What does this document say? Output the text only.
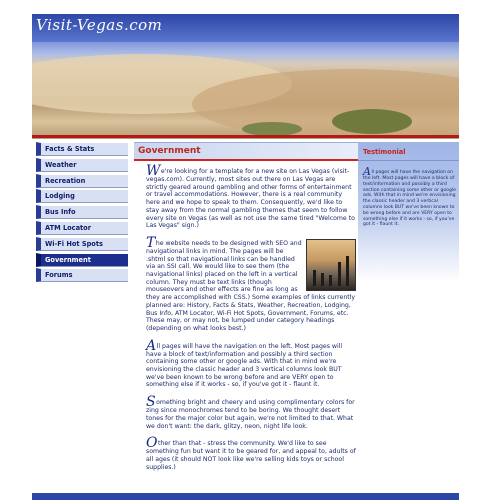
Visit-Vegas.com
Facts & Stats
Weather
Recreation
Lodging
Bus Info
ATM Locator
Wi-Fi Hot Spots
Government
Forums
Government

We're looking for a template for a new site on Las Vegas (visit-vegas.com). Currently, most sites out there on Las Vegas are strictly geared around gambling and other forms of entertainment or travel accommodations. However, there is a real community here and we hope to speak to them. Consequently, we'd like to stay away from the normal gambling themes that seem to follow every site on Vegas (as well as not use the same tired "Welcome to Las Vegas" sign.)

The website needs to be designed with SEO and navigational links in mind. The pages will be .shtml so that navigational links can be handled via an SSI call. We would like to see them (the navigational links) placed on the left in a vertical column. They must be text links (though mouseovers and other effects are fine as long as they are accomplished with CSS.) Some examples of links currently planned are: History, Facts & Stats, Weather, Recreation, Lodging, Bus Info, ATM Locator, Wi-Fi Hot Spots, Government, Forums, etc. These may, or may not, be lumped under category headings (depending on what looks best.)

All pages will have the navigation on the left. Most pages will have a block of text/information and possibly a third section containing some other or google ads. With that in mind we're envisioning the classic header and 3 vertical columns look BUT we've been known to be wrong before and are VERY open to something else if it works - so, if you've got it - flaunt it.

Something bright and cheery and using complimentary colors for zing since monochromes tend to be boring. We thought desert tones for the major color but again, we're not limited to that. What we don't want: the dark, glitzy, neon, night life look.

Other than that - stress the community. We'd like to see something fun but want it to be geared for, and appeal to, adults of all ages (it should NOT look like we're selling kids toys or school supplies.)

Testimonial
All pages will have the navigation on the left. Most pages will have a block of text/information and possibly a third section containing some other or google ads. With that in mind we're envisioning the classic header and 3 vertical columns look BUT we've been known to be wrong before and are VERY open to something else if it works - so, if you've got it - flaunt it.
